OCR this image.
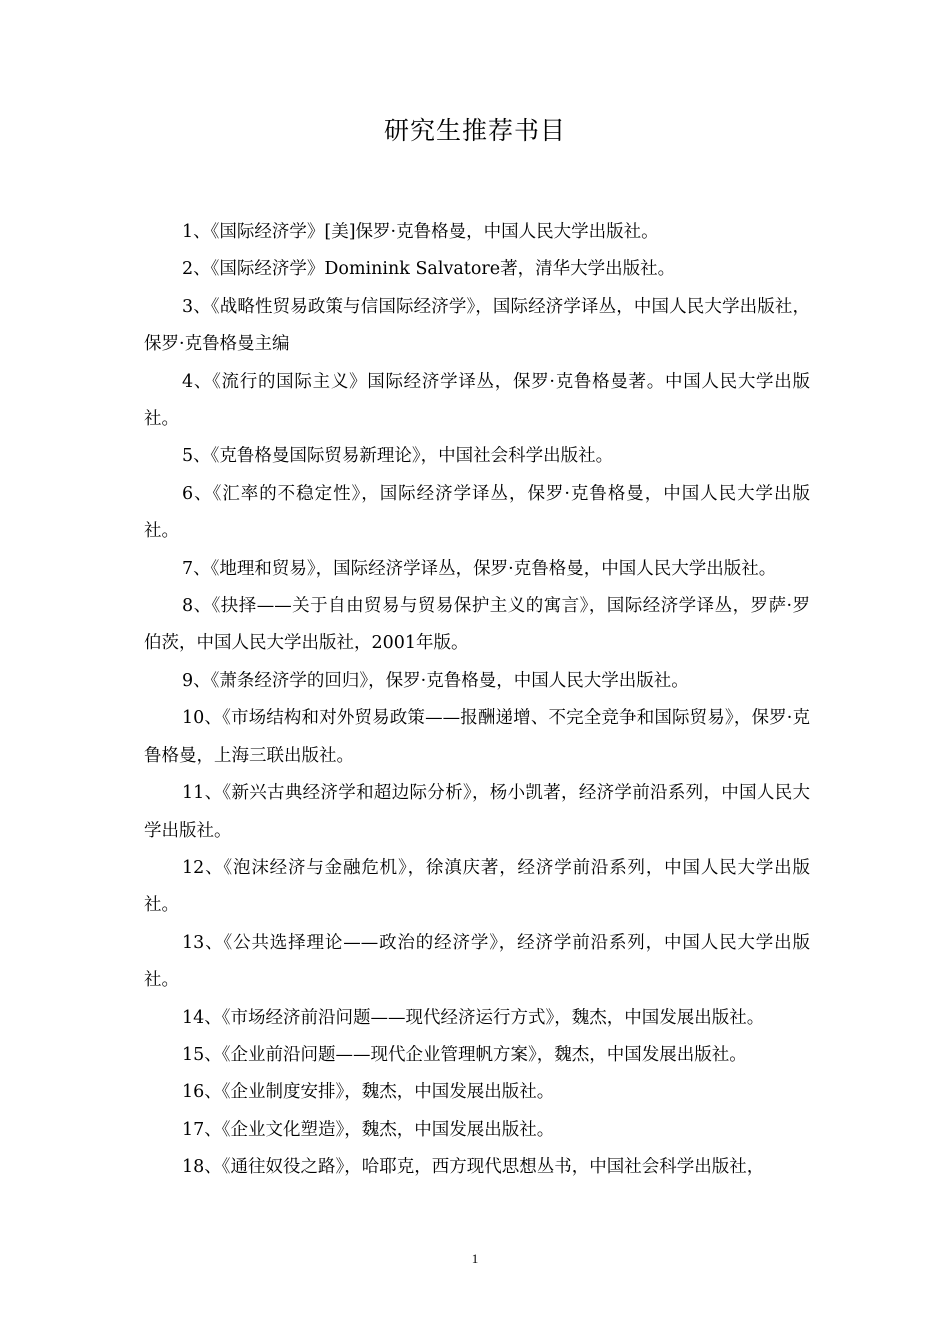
研究生推荐书目

1、《国际经济学》[美]保罗·克鲁格曼，中国人民大学出版社。

2、《国际经济学》Dominink Salvatore著，清华大学出版社。

3、《战略性贸易政策与信国际经济学》，国际经济学译丛，中国人民大学出版社，保罗·克鲁格曼主编

4、《流行的国际主义》国际经济学译丛，保罗·克鲁格曼著。中国人民大学出版社。

5、《克鲁格曼国际贸易新理论》，中国社会科学出版社。

6、《汇率的不稳定性》，国际经济学译丛，保罗·克鲁格曼，中国人民大学出版社。

7、《地理和贸易》，国际经济学译丛，保罗·克鲁格曼，中国人民大学出版社。

8、《抉择——关于自由贸易与贸易保护主义的寓言》，国际经济学译丛，罗萨·罗伯茨，中国人民大学出版社，2001年版。

9、《萧条经济学的回归》，保罗·克鲁格曼，中国人民大学出版社。

10、《市场结构和对外贸易政策——报酬递增、不完全竞争和国际贸易》，保罗·克鲁格曼，上海三联出版社。

11、《新兴古典经济学和超边际分析》，杨小凯著，经济学前沿系列，中国人民大学出版社。

12、《泡沫经济与金融危机》，徐滇庆著，经济学前沿系列，中国人民大学出版社。

13、《公共选择理论——政治的经济学》，经济学前沿系列，中国人民大学出版社。

14、《市场经济前沿问题——现代经济运行方式》，魏杰，中国发展出版社。

15、《企业前沿问题——现代企业管理帆方案》，魏杰，中国发展出版社。

16、《企业制度安排》，魏杰，中国发展出版社。

17、《企业文化塑造》，魏杰，中国发展出版社。

18、《通往奴役之路》，哈耶克，西方现代思想丛书，中国社会科学出版社，

1
